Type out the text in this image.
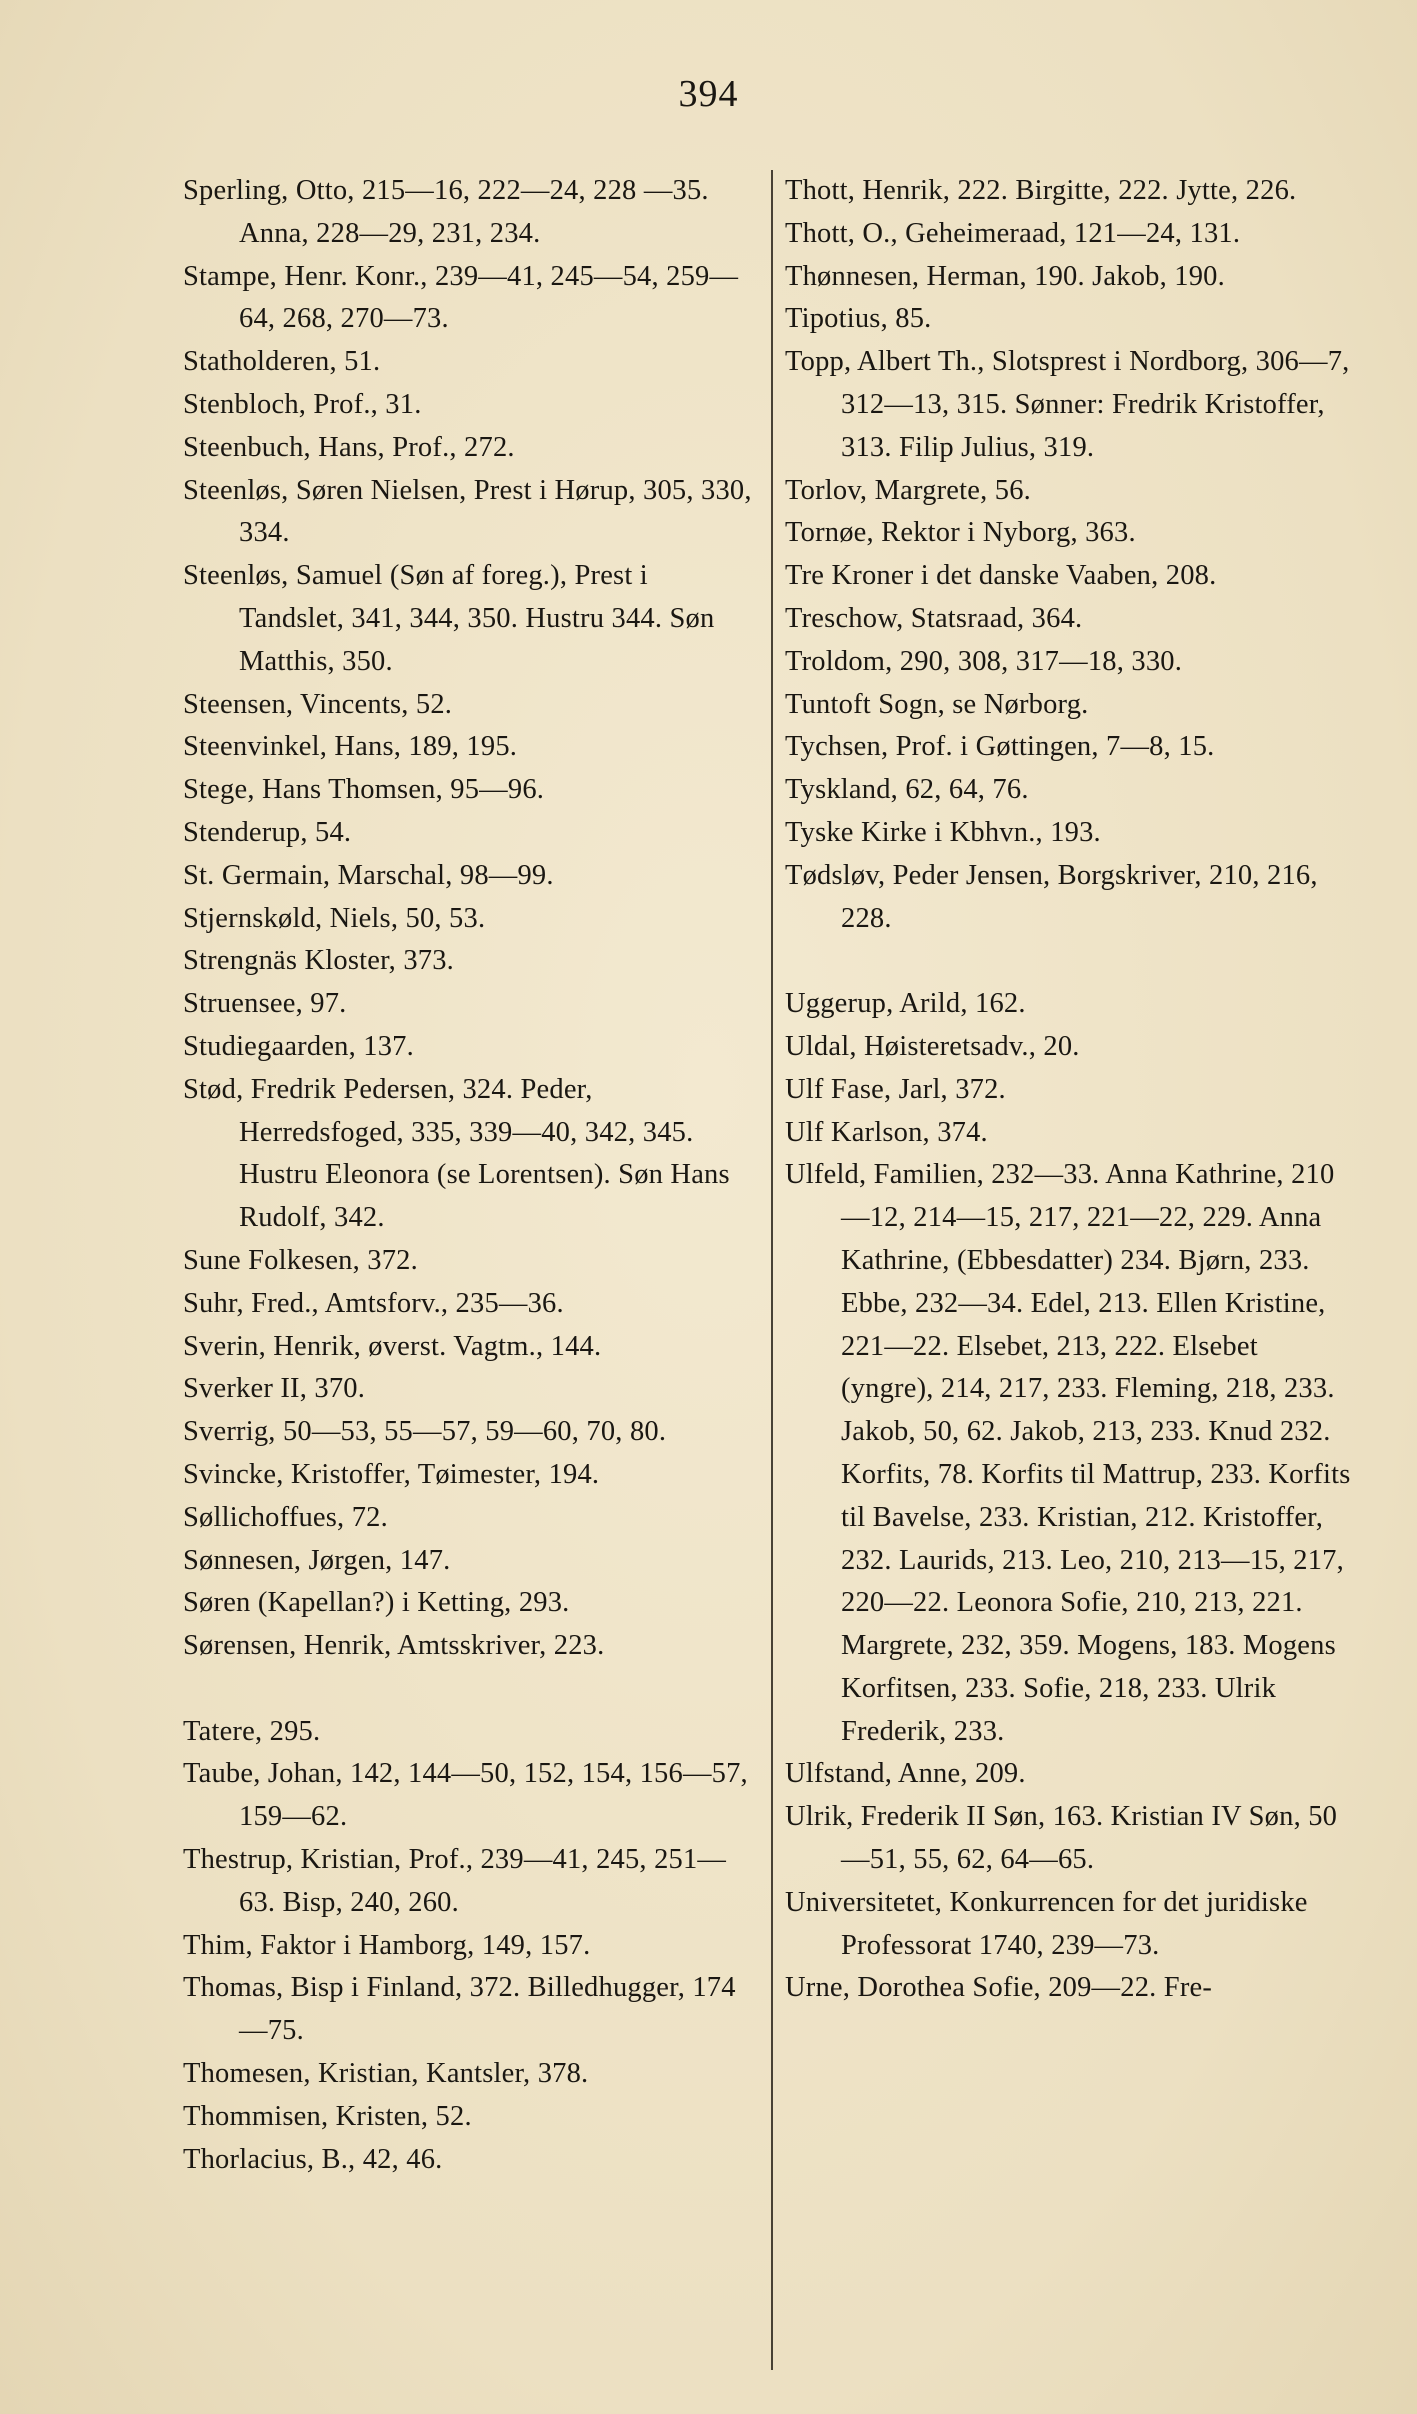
394
Sperling, Otto, 215—16, 222—24, 228 —35. Anna, 228—29, 231, 234.
Stampe, Henr. Konr., 239—41, 245—54, 259—64, 268, 270—73.
Statholderen, 51.
Stenbloch, Prof., 31.
Steenbuch, Hans, Prof., 272.
Steenløs, Søren Nielsen, Prest i Hørup, 305, 330, 334.
Steenløs, Samuel (Søn af foreg.), Prest i Tandslet, 341, 344, 350. Hustru 344. Søn Matthis, 350.
Steensen, Vincents, 52.
Steenvinkel, Hans, 189, 195.
Stege, Hans Thomsen, 95—96.
Stenderup, 54.
St. Germain, Marschal, 98—99.
Stjernskøld, Niels, 50, 53.
Strengnäs Kloster, 373.
Struensee, 97.
Studiegaarden, 137.
Stød, Fredrik Pedersen, 324. Peder, Herredsfoged, 335, 339—40, 342, 345. Hustru Eleonora (se Lorentsen). Søn Hans Rudolf, 342.
Sune Folkesen, 372.
Suhr, Fred., Amtsforv., 235—36.
Sverin, Henrik, øverst. Vagtm., 144.
Sverker II, 370.
Sverrig, 50—53, 55—57, 59—60, 70, 80.
Svincke, Kristoffer, Tøimester, 194.
Søllichoffues, 72.
Sønnesen, Jørgen, 147.
Søren (Kapellan?) i Ketting, 293.
Sørensen, Henrik, Amtsskriver, 223.
Tatere, 295.
Taube, Johan, 142, 144—50, 152, 154, 156—57, 159—62.
Thestrup, Kristian, Prof., 239—41, 245, 251—63. Bisp, 240, 260.
Thim, Faktor i Hamborg, 149, 157.
Thomas, Bisp i Finland, 372. Billedhugger, 174—75.
Thomesen, Kristian, Kantsler, 378.
Thommisen, Kristen, 52.
Thorlacius, B., 42, 46.
Thott, Henrik, 222. Birgitte, 222. Jytte, 226.
Thott, O., Geheimeraad, 121—24, 131.
Thønnesen, Herman, 190. Jakob, 190.
Tipotius, 85.
Topp, Albert Th., Slotsprest i Nordborg, 306—7, 312—13, 315. Sønner: Fredrik Kristoffer, 313. Filip Julius, 319.
Torlov, Margrete, 56.
Tornøe, Rektor i Nyborg, 363.
Tre Kroner i det danske Vaaben, 208.
Treschow, Statsraad, 364.
Troldom, 290, 308, 317—18, 330.
Tuntoft Sogn, se Nørborg.
Tychsen, Prof. i Gøttingen, 7—8, 15.
Tyskland, 62, 64, 76.
Tyske Kirke i Kbhvn., 193.
Tødsløv, Peder Jensen, Borgskriver, 210, 216, 228.
Uggerup, Arild, 162.
Uldal, Høisteretsadv., 20.
Ulf Fase, Jarl, 372.
Ulf Karlson, 374.
Ulfeld, Familien, 232—33. Anna Kathrine, 210—12, 214—15, 217, 221—22, 229. Anna Kathrine, (Ebbesdatter) 234. Bjørn, 233. Ebbe, 232—34. Edel, 213. Ellen Kristine, 221—22. Elsebet, 213, 222. Elsebet (yngre), 214, 217, 233. Fleming, 218, 233. Jakob, 50, 62. Jakob, 213, 233. Knud 232. Korfits, 78. Korfits til Mattrup, 233. Korfits til Bavelse, 233. Kristian, 212. Kristoffer, 232. Laurids, 213. Leo, 210, 213—15, 217, 220—22. Leonora Sofie, 210, 213, 221. Margrete, 232, 359. Mogens, 183. Mogens Korfitsen, 233. Sofie, 218, 233. Ulrik Frederik, 233.
Ulfstand, Anne, 209.
Ulrik, Frederik II Søn, 163. Kristian IV Søn, 50—51, 55, 62, 64—65.
Universitetet, Konkurrencen for det juridiske Professorat 1740, 239—73.
Urne, Dorothea Sofie, 209—22. Fre-
